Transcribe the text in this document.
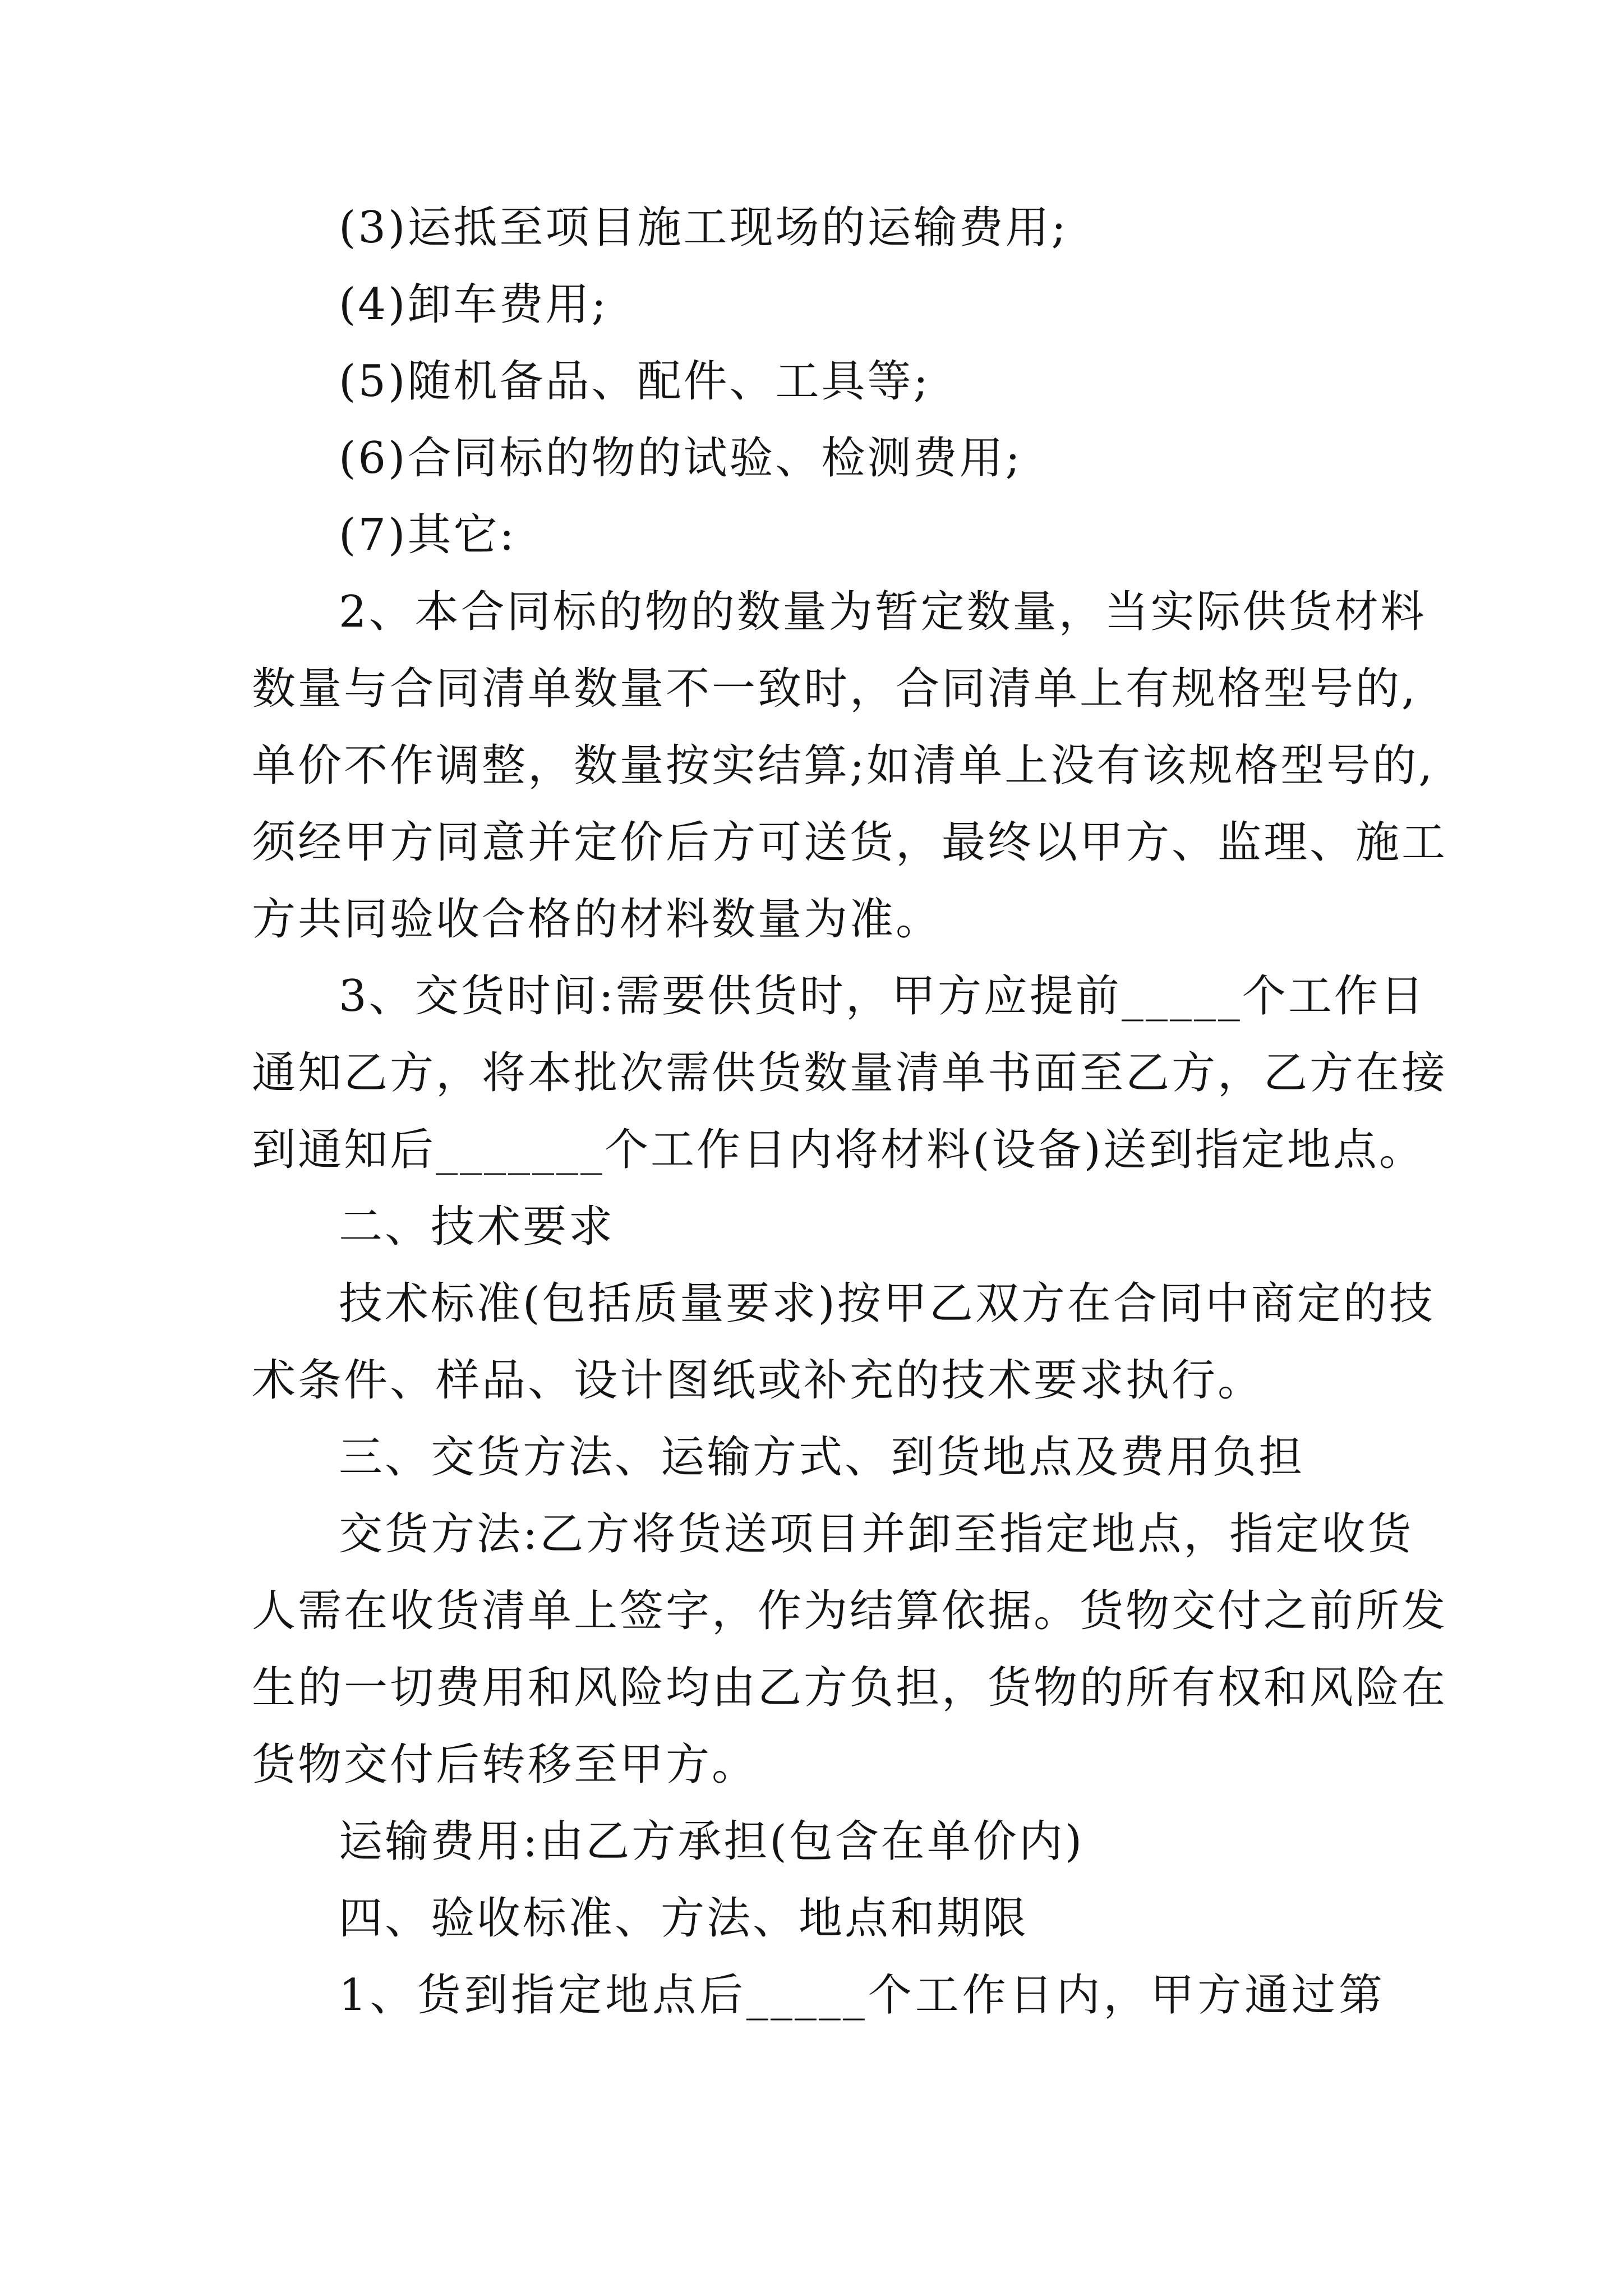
(3)运抵至项目施工现场的运输费用;
(4)卸车费用;
(5)随机备品、配件、工具等;
(6)合同标的物的试验、检测费用;
(7)其它:
2、本合同标的物的数量为暂定数量，当实际供货材料
数量与合同清单数量不一致时，合同清单上有规格型号的,
单价不作调整，数量按实结算;如清单上没有该规格型号的,
须经甲方同意并定价后方可送货，最终以甲方、监理、施工
方共同验收合格的材料数量为准。
3、交货时间:需要供货时，甲方应提前_____个工作日
通知乙方，将本批次需供货数量清单书面至乙方，乙方在接
到通知后_______个工作日内将材料(设备)送到指定地点。
二、技术要求
技术标准(包括质量要求)按甲乙双方在合同中商定的技
术条件、样品、设计图纸或补充的技术要求执行。
三、交货方法、运输方式、到货地点及费用负担
交货方法:乙方将货送项目并卸至指定地点，指定收货
人需在收货清单上签字，作为结算依据。货物交付之前所发
生的一切费用和风险均由乙方负担，货物的所有权和风险在
货物交付后转移至甲方。
运输费用:由乙方承担(包含在单价内)
四、验收标准、方法、地点和期限
1、货到指定地点后_____个工作日内，甲方通过第
